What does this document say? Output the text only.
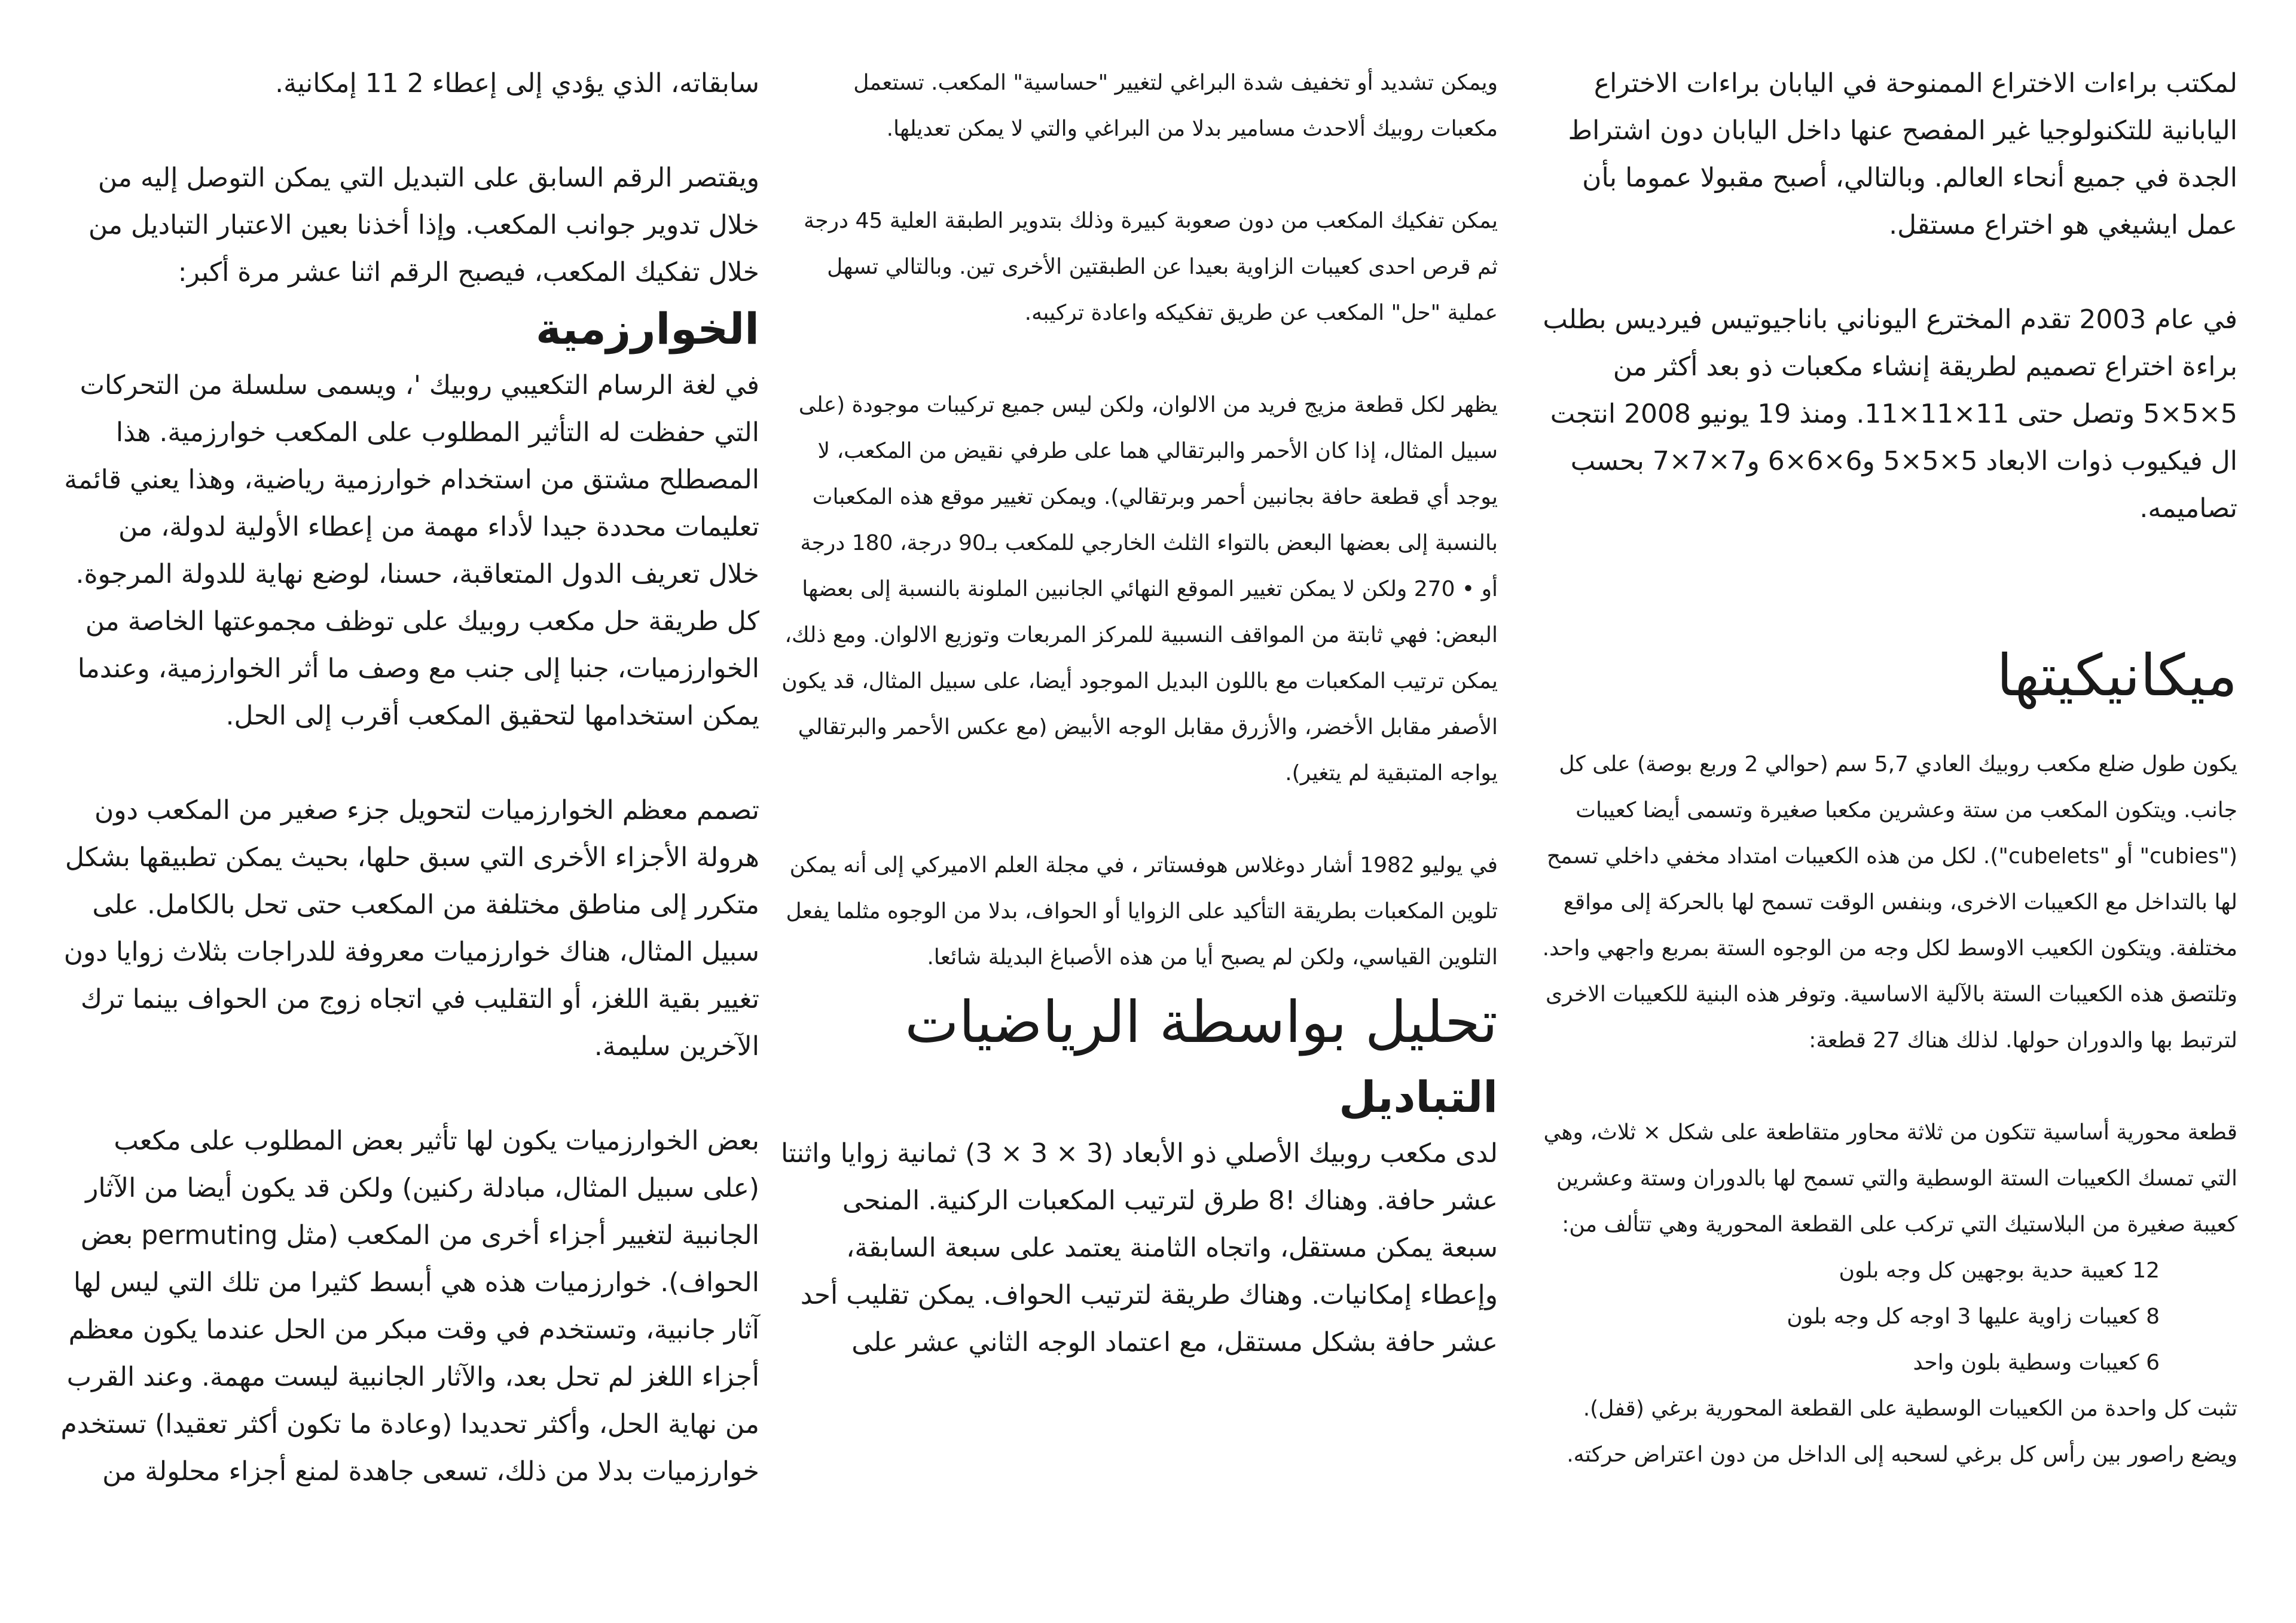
لمكتب براءات الاختراع الممنوحة في اليابان براءات الاختراع اليابانية للتكنولوجيا غير المفصح عنها داخل اليابان دون اشتراط الجدة في جميع أنحاء العالم. وبالتالي، أصبح مقبولا عموما بأن عمل ايشيغي هو اختراع مستقل.

في عام 2003 تقدم المخترع اليوناني باناجيوتيس فيرديس بطلب براءة اختراع تصميم لطريقة إنشاء مكعبات ذو بعد أكثر من 5×5×5 وتصل حتى 11×11×11. ومنذ 19 يونيو 2008 انتجت ال فيكيوب ذوات الابعاد 5×5×5 و6×6×6 و7×7×7 بحسب تصاميمه.

ميكانيكيتها

يكون طول ضلع مكعب روبيك العادي 5,7 سم (حوالي 2 وربع بوصة) على كل جانب. ويتكون المكعب من ستة وعشرين مكعبا صغيرة وتسمى أيضا كعيبات ("cubies" أو "cubelets"). لكل من هذه الكعيبات امتداد مخفي داخلي تسمح لها بالتداخل مع الكعيبات الاخرى، وبنفس الوقت تسمح لها بالحركة إلى مواقع مختلفة. ويتكون الكعيب الاوسط لكل وجه من الوجوه الستة بمربع واجهي واحد. وتلتصق هذه الكعيبات الستة بالآلية الاساسية. وتوفر هذه البنية للكعيبات الاخرى لترتبط بها والدوران حولها. لذلك هناك 27 قطعة:

قطعة محورية أساسية تتكون من ثلاثة محاور متقاطعة على شكل × ثلاث، وهي التي تمسك الكعيبات الستة الوسطية والتي تسمح لها بالدوران وستة وعشرين كعيبة صغيرة من البلاستيك التي تركب على القطعة المحورية وهي تتألف من:

12 كعيبة حدية بوجهين كل وجه بلون
8 كعيبات زاوية عليها 3 اوجه كل وجه بلون
6 كعيبات وسطية بلون واحد

تثبت كل واحدة من الكعيبات الوسطية على القطعة المحورية برغي (قفل). ويضع راصور بين رأس كل برغي لسحبه إلى الداخل من دون اعتراض حركته.

ويمكن تشديد أو تخفيف شدة البراغي لتغيير "حساسية" المكعب. تستعمل مكعبات روبيك ألاحدث مسامير بدلا من البراغي والتي لا يمكن تعديلها.

يمكن تفكيك المكعب من دون صعوبة كبيرة وذلك بتدوير الطبقة العلية 45 درجة ثم قرص احدى كعيبات الزاوية بعيدا عن الطبقتين الأخرى تين. وبالتالي تسهل عملية "حل" المكعب عن طريق تفكيكه واعادة تركيبه.

يظهر لكل قطعة مزيج فريد من الالوان، ولكن ليس جميع تركيبات موجودة (على سبيل المثال، إذا كان الأحمر والبرتقالي هما على طرفي نقيض من المكعب، لا يوجد أي قطعة حافة بجانبين أحمر وبرتقالي). ويمكن تغيير موقع هذه المكعبات بالنسبة إلى بعضها البعض بالتواء الثلث الخارجي للمكعب بـ90 درجة، 180 درجة أو • 270 ولكن لا يمكن تغيير الموقع النهائي الجانبين الملونة بالنسبة إلى بعضها البعض: فهي ثابتة من المواقف النسبية للمركز المربعات وتوزيع الالوان. ومع ذلك، يمكن ترتيب المكعبات مع باللون البديل الموجود أيضا، على سبيل المثال، قد يكون الأصفر مقابل الأخضر، والأزرق مقابل الوجه الأبيض (مع عكس الأحمر والبرتقالي يواجه المتبقية لم يتغير).

في يوليو 1982 أشار دوغلاس هوفستاتر ، في مجلة العلم الاميركي إلى أنه يمكن تلوين المكعبات بطريقة التأكيد على الزوايا أو الحواف، بدلا من الوجوه مثلما يفعل التلوين القياسي، ولكن لم يصبح أيا من هذه الأصباغ البديلة شائعا.

تحليل بواسطة الرياضيات
التباديل

لدى مكعب روبيك الأصلي ذو الأبعاد (3 × 3 × 3) ثمانية زوايا واثنتا عشر حافة. وهناك !8 طرق لترتيب المكعبات الركنية. المنحى سبعة يمكن مستقل، واتجاه الثامنة يعتمد على سبعة السابقة، وإعطاء إمكانيات. وهناك طريقة لترتيب الحواف. يمكن تقليب أحد عشر حافة بشكل مستقل، مع اعتماد الوجه الثاني عشر على

سابقاته، الذي يؤدي إلى إعطاء 2 11 إمكانية.

ويقتصر الرقم السابق على التبديل التي يمكن التوصل إليه من خلال تدوير جوانب المكعب. وإذا أخذنا بعين الاعتبار التباديل من خلال تفكيك المكعب، فيصبح الرقم اثنا عشر مرة أكبر:

الخوارزمية

في لغة الرسام التكعيبي روبيك '، ويسمى سلسلة من التحركات التي حفظت له التأثير المطلوب على المكعب خوارزمية. هذا المصطلح مشتق من استخدام خوارزمية رياضية، وهذا يعني قائمة تعليمات محددة جيدا لأداء مهمة من إعطاء الأولية لدولة، من خلال تعريف الدول المتعاقبة، حسنا، لوضع نهاية للدولة المرجوة. كل طريقة حل مكعب روبيك على توظف مجموعتها الخاصة من الخوارزميات، جنبا إلى جنب مع وصف ما أثر الخوارزمية، وعندما يمكن استخدامها لتحقيق المكعب أقرب إلى الحل.

تصمم معظم الخوارزميات لتحويل جزء صغير من المكعب دون هرولة الأجزاء الأخرى التي سبق حلها، بحيث يمكن تطبيقها بشكل متكرر إلى مناطق مختلفة من المكعب حتى تحل بالكامل. على سبيل المثال، هناك خوارزميات معروفة للدراجات بثلاث زوايا دون تغيير بقية اللغز، أو التقليب في اتجاه زوج من الحواف بينما ترك الآخرين سليمة.

بعض الخوارزميات يكون لها تأثير بعض المطلوب على مكعب (على سبيل المثال، مبادلة ركنين) ولكن قد يكون أيضا من الآثار الجانبية لتغيير أجزاء أخرى من المكعب (مثل permuting بعض الحواف). خوارزميات هذه هي أبسط كثيرا من تلك التي ليس لها آثار جانبية، وتستخدم في وقت مبكر من الحل عندما يكون معظم أجزاء اللغز لم تحل بعد، والآثار الجانبية ليست مهمة. وعند القرب من نهاية الحل، وأكثر تحديدا (وعادة ما تكون أكثر تعقيدا) تستخدم خوارزميات بدلا من ذلك، تسعى جاهدة لمنع أجزاء محلولة من
